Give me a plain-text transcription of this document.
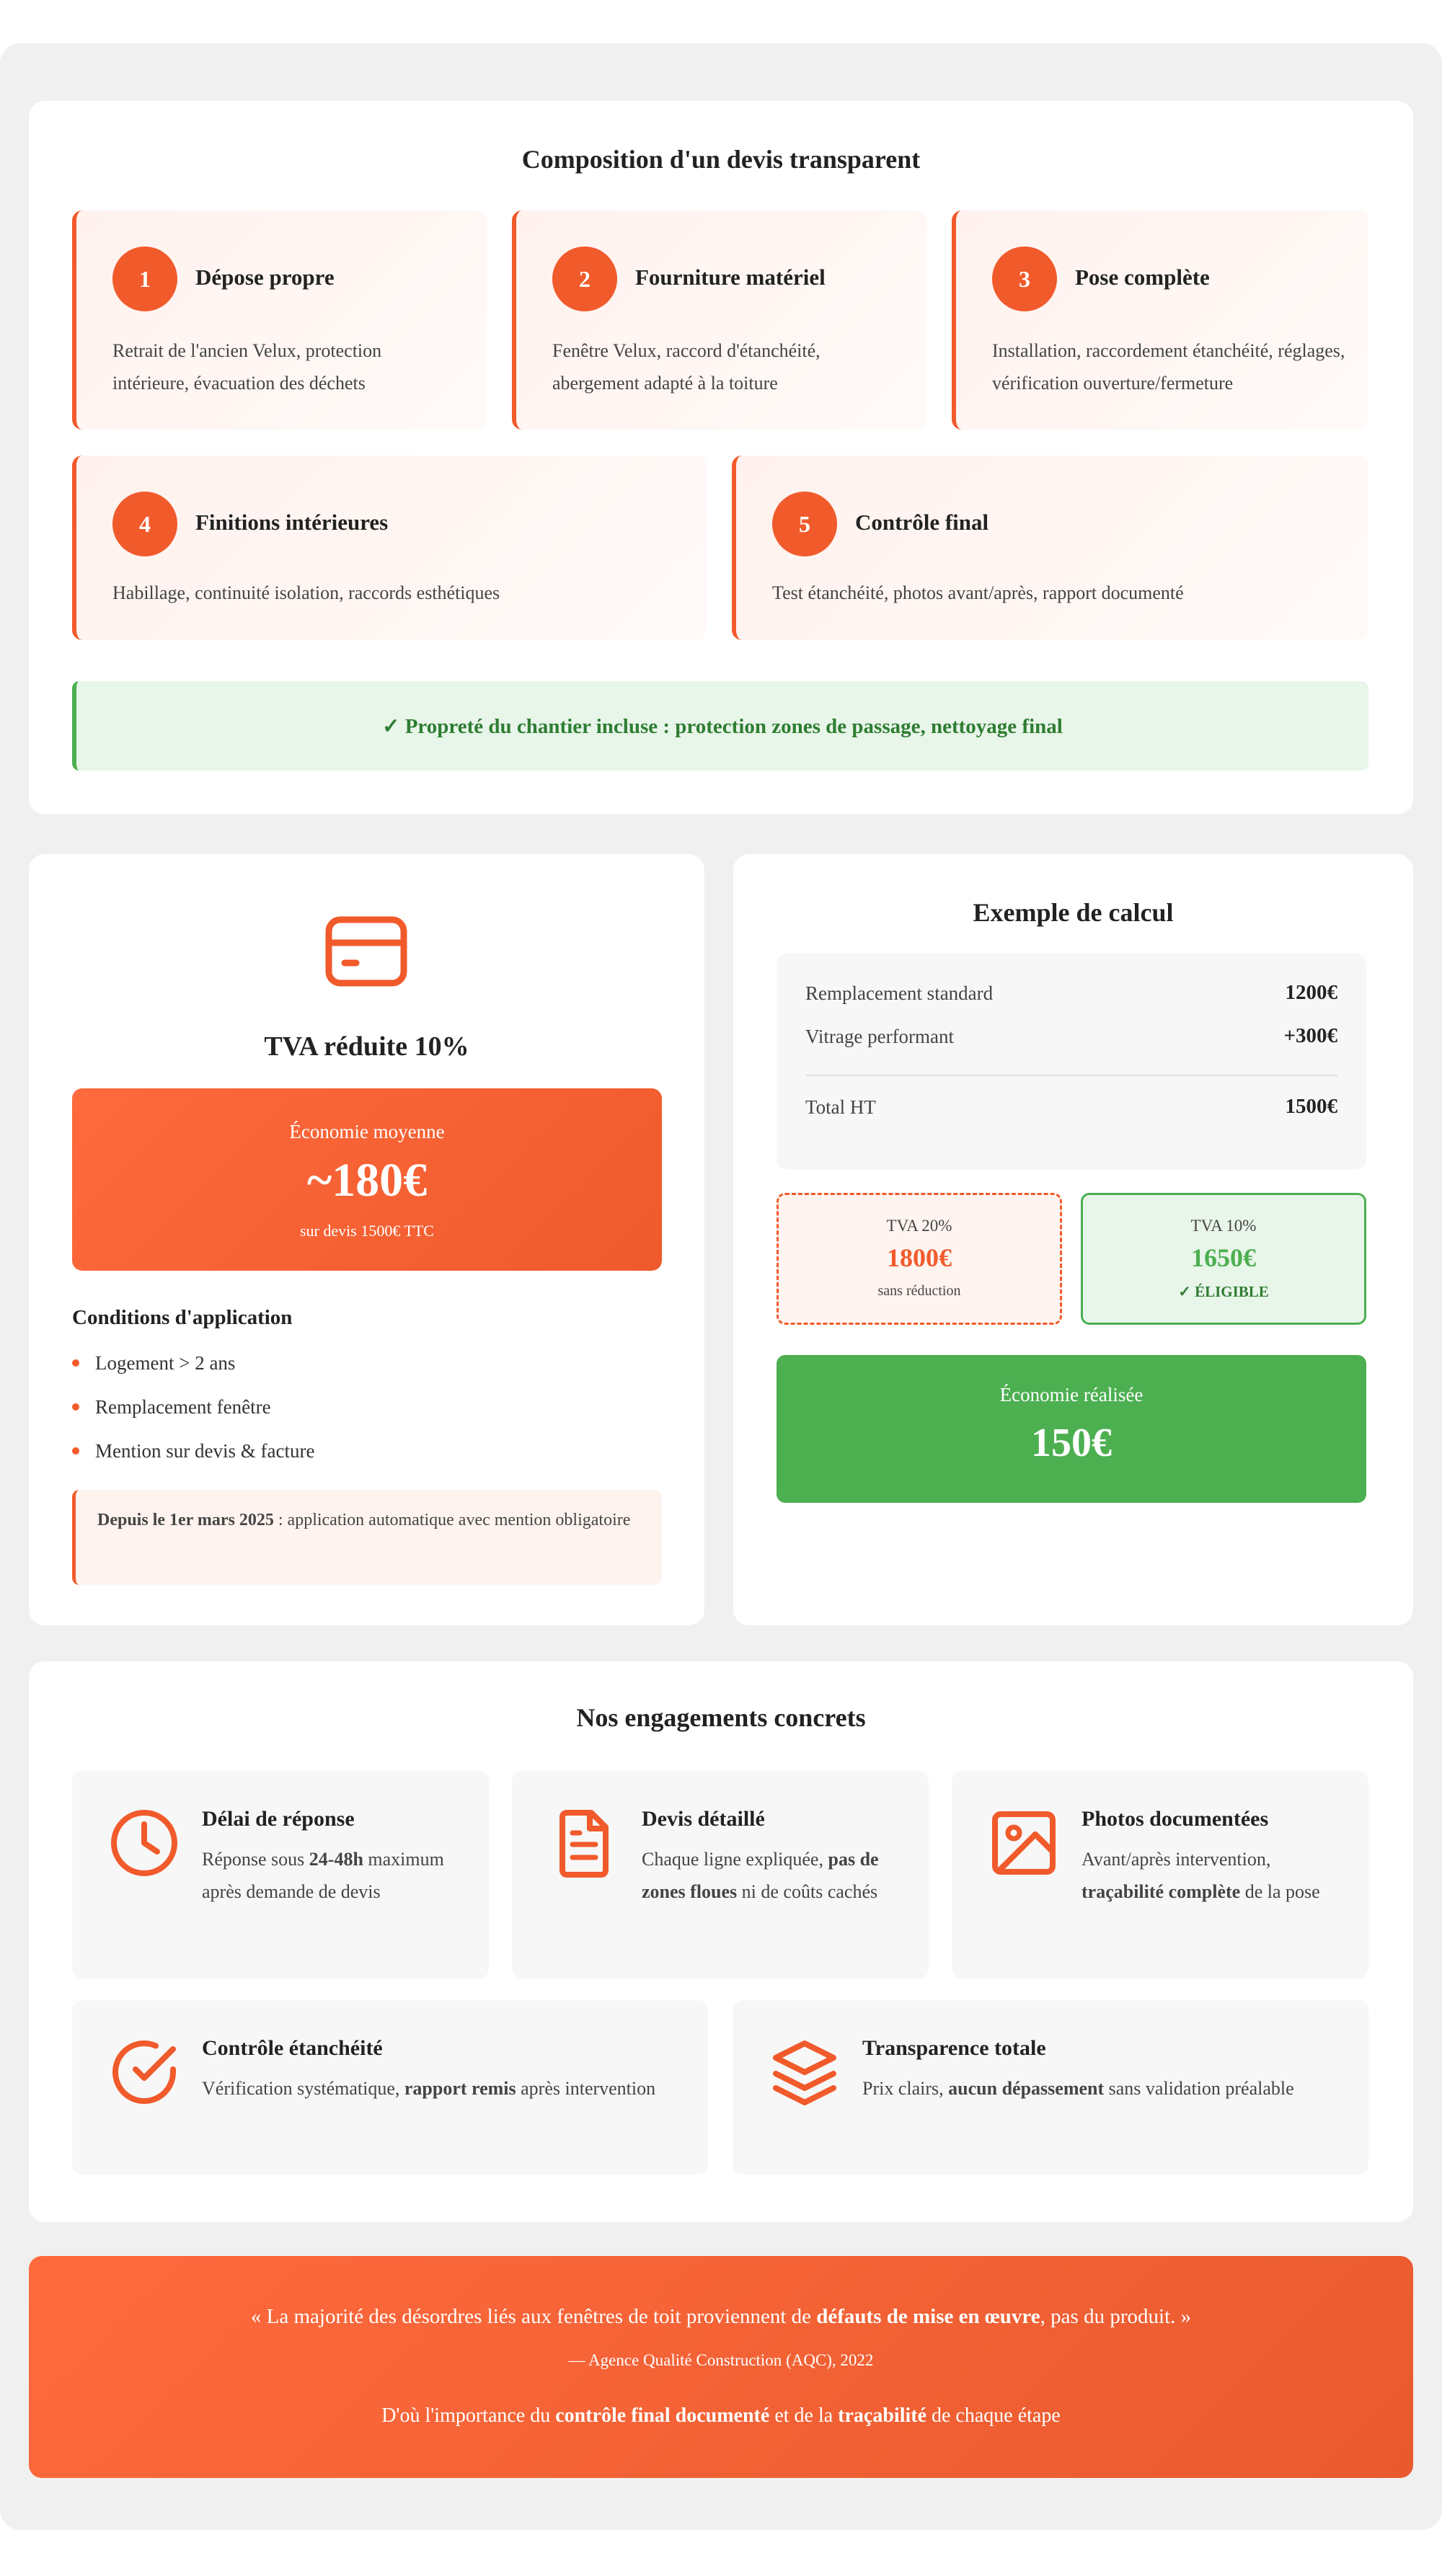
Composition d'un devis transparent
1	Dépose propre
Retrait de l'ancien Velux, protection intérieure, évacuation des déchets
2	Fourniture matériel
Fenêtre Velux, raccord d'étanchéité, abergement adapté à la toiture
3	Pose complète
Installation, raccordement étanchéité, réglages, vérification ouverture/fermeture
4	Finitions intérieures
Habillage, continuité isolation, raccords esthétiques
5	Contrôle final
Test étanchéité, photos avant/après, rapport documenté
✓ Propreté du chantier incluse : protection zones de passage, nettoyage final
TVA réduite 10%
Économie moyenne
~180€
sur devis 1500€ TTC
Conditions d'application
Logement > 2 ans
Remplacement fenêtre
Mention sur devis & facture
Depuis le 1er mars 2025 : application automatique avec mention obligatoire
Exemple de calcul
Remplacement standard	1200€
Vitrage performant	+300€
Total HT	1500€
TVA 20%
1800€
sans réduction
TVA 10%
1650€
✓ ÉLIGIBLE
Économie réalisée
150€
Nos engagements concrets
Délai de réponse
Réponse sous 24-48h maximum après demande de devis
Devis détaillé
Chaque ligne expliquée, pas de zones floues ni de coûts cachés
Photos documentées
Avant/après intervention, traçabilité complète de la pose
Contrôle étanchéité
Vérification systématique, rapport remis après intervention
Transparence totale
Prix clairs, aucun dépassement sans validation préalable
« La majorité des désordres liés aux fenêtres de toit proviennent de défauts de mise en œuvre, pas du produit. »
— Agence Qualité Construction (AQC), 2022
D'où l'importance du contrôle final documenté et de la traçabilité de chaque étape
